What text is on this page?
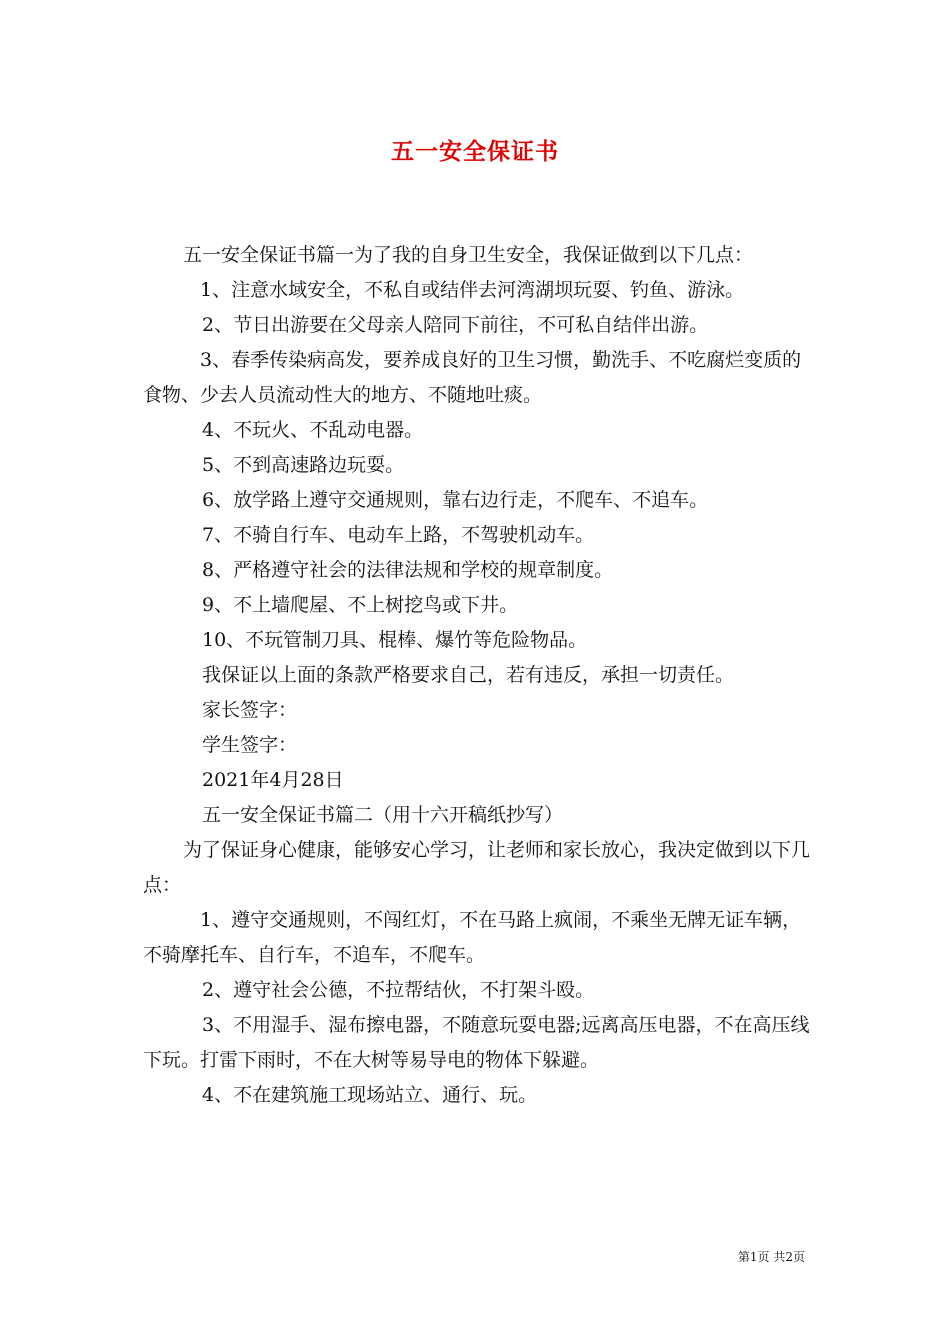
五一安全保证书

五一安全保证书篇一为了我的自身卫生安全，我保证做到以下几点：

1、注意水域安全，不私自或结伴去河湾湖坝玩耍、钓鱼、游泳。

2、节日出游要在父母亲人陪同下前往，不可私自结伴出游。

3、春季传染病高发，要养成良好的卫生习惯，勤洗手、不吃腐烂变质的食物、少去人员流动性大的地方、不随地吐痰。

4、不玩火、不乱动电器。

5、不到高速路边玩耍。

6、放学路上遵守交通规则，靠右边行走，不爬车、不追车。

7、不骑自行车、电动车上路，不驾驶机动车。

8、严格遵守社会的法律法规和学校的规章制度。

9、不上墙爬屋、不上树挖鸟或下井。

10、不玩管制刀具、棍棒、爆竹等危险物品。

我保证以上面的条款严格要求自己，若有违反，承担一切责任。

家长签字：

学生签字：

2021年4月28日

五一安全保证书篇二（用十六开稿纸抄写）

为了保证身心健康，能够安心学习，让老师和家长放心，我决定做到以下几点：

1、遵守交通规则，不闯红灯，不在马路上疯闹，不乘坐无牌无证车辆，不骑摩托车、自行车，不追车，不爬车。

2、遵守社会公德，不拉帮结伙，不打架斗殴。

3、不用湿手、湿布擦电器，不随意玩耍电器;远离高压电器，不在高压线下玩。打雷下雨时，不在大树等易导电的物体下躲避。

4、不在建筑施工现场站立、通行、玩。

第1页 共2页
